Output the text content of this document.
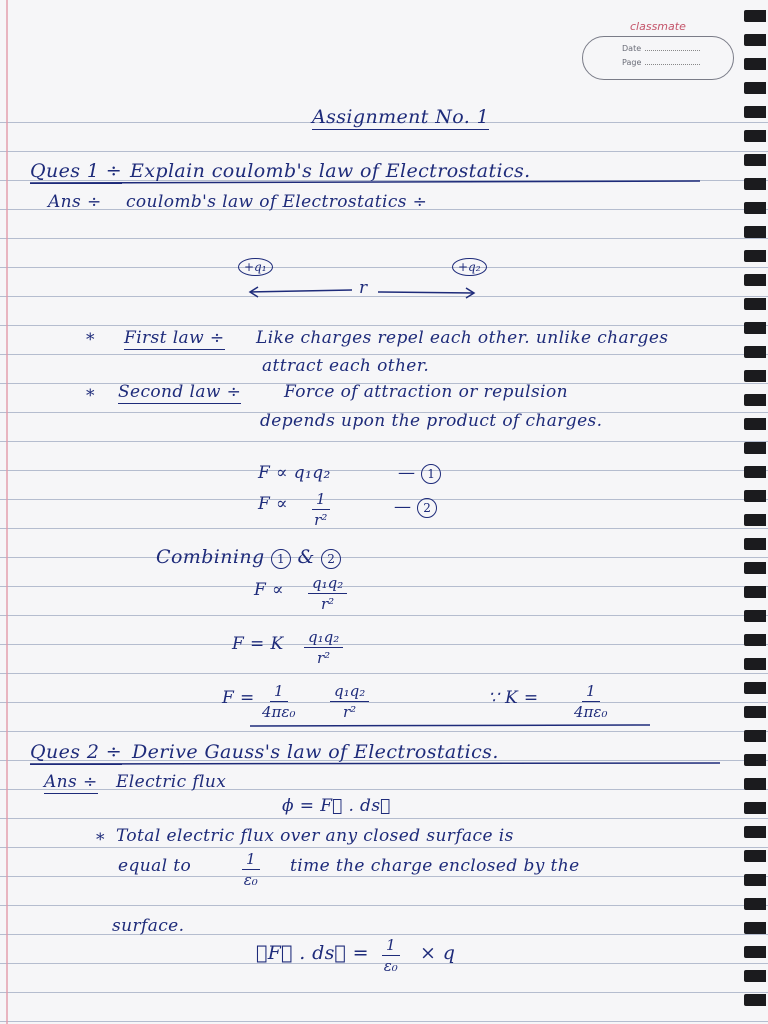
classmate
Date
Page
Assignment No. 1
Ques 1 ÷ Explain coulomb's law of Electrostatics.
Ans ÷ coulomb's law of Electrostatics ÷
+q₁	+q₂
r
* First law ÷ Like charges repel each other. unlike charges
attract each other.
* Second law ÷	Force of attraction or repulsion
depends upon the product of charges.
F ∝ q₁q₂	— 1
$F \propto \frac{1}{\text{r²}}$	— 2
Combining 1 & 2
$F \propto \frac{\text{q₁q₂}}{\text{r²}}$
F = K $\frac{\text{q₁q₂}}{\text{r²}}$
$F = \frac{1}{\text{4πε₀}} \frac{\text{q₁q₂}}{\text{r²}}$	∵ $K = \frac{1}{\text{4πε₀}}$
Ques 2 ÷ Derive Gauss's law of Electrostatics.
Ans ÷ Electric flux
ϕ = F⃗ . ds⃗
* Total electric flux over any closed surface is
equal to	$\frac{1}{\text{ε₀}}$ time the charge enclosed by the
surface.
∮F⃗ . ds⃗ = $\frac{1}{\text{ε₀}} \times q$
